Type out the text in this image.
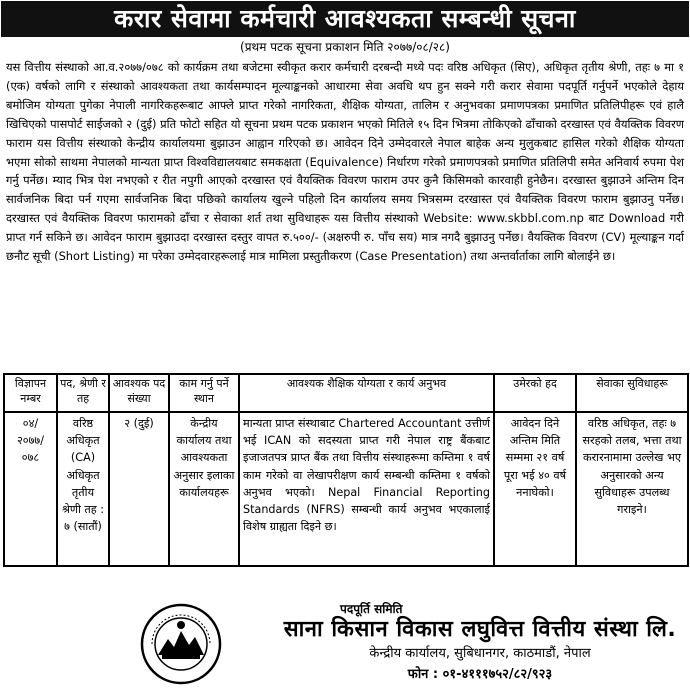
करार सेवामा कर्मचारी आवश्यकता सम्बन्धी सूचना
(प्रथम पटक सूचना प्रकाशन मिति २०७७/०८/२८)
यस वित्तीय संस्थाको आ.व.२०७७/०७८ को कार्यक्रम तथा बजेटमा स्वीकृत करार कर्मचारी दरबन्दी मध्ये पदः वरिष्ठ अधिकृत (सिए), अधिकृत तृतीय श्रेणी, तहः ७ मा १ (एक) वर्षको लागि र संस्थाको आवश्यकता तथा कार्यसम्पादन मूल्याङ्कनको आधारमा सेवा अवधि थप हुन सक्ने गरी करार सेवामा पदपूर्ति गर्नुपर्ने भएकोले देहाय बमोजिम योग्यता पुगेका नेपाली नागरिकहरूबाट आफ्ले प्राप्त गरेको नागरिकता, शैक्षिक योग्यता, तालिम र अनुभवका प्रमाणपत्रका प्रमाणित प्रतिलिपीहरू एवं हालै खिचिएको पासपोर्ट साईजको २ (दुई) प्रति फोटो सहित यो सूचना प्रथम पटक प्रकाशन भएको मितिले १५ दिन भित्रमा तोकिएको ढाँचाको दरखास्त एवं वैयक्तिक विवरण फाराम यस वित्तीय संस्थाको केन्द्रीय कार्यालयमा बुझाउन आह्वान गरिएको छ। आवेदन दिने उम्मेदवारले नेपाल बाहेक अन्य मुलुकबाट हासिल गरेको शैक्षिक योग्यता भएमा सोको साथमा नेपालको मान्यता प्राप्त विश्वविद्यालयबाट समकक्षता (Equivalence) निर्धारण गरेको प्रमाणपत्रको प्रमाणित प्रतिलिपी समेत अनिवार्य रुपमा पेश गर्नु पर्नेछ। म्याद भित्र पेश नभएको र रीत नपुगी आएको दरखास्त एवं वैयक्तिक विवरण फाराम उपर कुनै किसिमको कारवाही हुनेछैन। दरखास्त बुझाउने अन्तिम दिन सार्वजनिक बिदा पर्न गएमा सार्वजनिक बिदा पछिको कार्यालय खुल्ने पहिलो दिन कार्यालय समय भित्रसम्म दरखास्त एवं वैयक्तिक विवरण फाराम बुझाउनु पर्नेछ। दरखास्त एवं वैयक्तिक विवरण फारामको ढाँचा र सेवाका शर्त तथा सुविधाहरू यस वित्तीय संस्थाको Website: www.skbbl.com.np बाट Download गरी प्राप्त गर्न सकिने छ। आवेदन फाराम बुझाउदा दरखास्त दस्तुर वापत रु.५००/- (अक्षरुपी रु. पाँच सय) मात्र नगदै बुझाउनु पर्नेछ। वैयक्तिक विवरण (CV) मूल्याङ्कन गर्दा छनौट सूची (Short Listing) मा परेका उम्मेदवारहरूलाई मात्र मामिला प्रस्तुतीकरण (Case Presentation) तथा अन्तर्वार्ताका लागि बोलाईने छ।
विज्ञापन नम्बर	पद, श्रेणी र तह	आवश्यक पद संख्या	काम गर्नु पर्ने स्थान	आवश्यक शैक्षिक योग्यता र कार्य अनुभव	उमेरको हद	सेवाका सुविधाहरू
०४/ २०७७/ ०७८	वरिष्ठ अधिकृत (CA) अधिकृत तृतीय श्रेणी तह : ७ (सातौं)	२ (दुई)	केन्द्रीय कार्यालय तथा आवश्यकता अनुसार इलाका कार्यालयहरू	मान्यता प्राप्त संस्थाबाट Chartered Accountant उत्तीर्ण भई ICAN को सदस्यता प्राप्त गरी नेपाल राष्ट्र बैंकबाट इजाजतपत्र प्राप्त बैंक तथा वित्तीय संस्थाहरूमा कम्तिमा १ वर्ष काम गरेको वा लेखापरीक्षण कार्य सम्बन्धी कम्तिमा १ वर्षको अनुभव भएको। Nepal Financial Reporting Standards (NFRS) सम्बन्धी कार्य अनुभव भएकालाई विशेष ग्राह्यता दिइने छ।	आवेदन दिने अन्तिम मिति सम्ममा २१ वर्ष पूरा भई ४० वर्ष ननाघेको।	वरिष्ठ अधिकृत, तहः ७ सरहको तलब, भत्ता तथा करारनामामा उल्लेख भए अनुसारको अन्य सुविधाहरू उपलब्ध गराइने।
पदपूर्ति समिति
साना किसान विकास लघुवित्त वित्तीय संस्था लि.
केन्द्रीय कार्यालय, सुबिधानगर, काठमाडौं, नेपाल
फोन : ०१-४१११७५२/८२/९२३
